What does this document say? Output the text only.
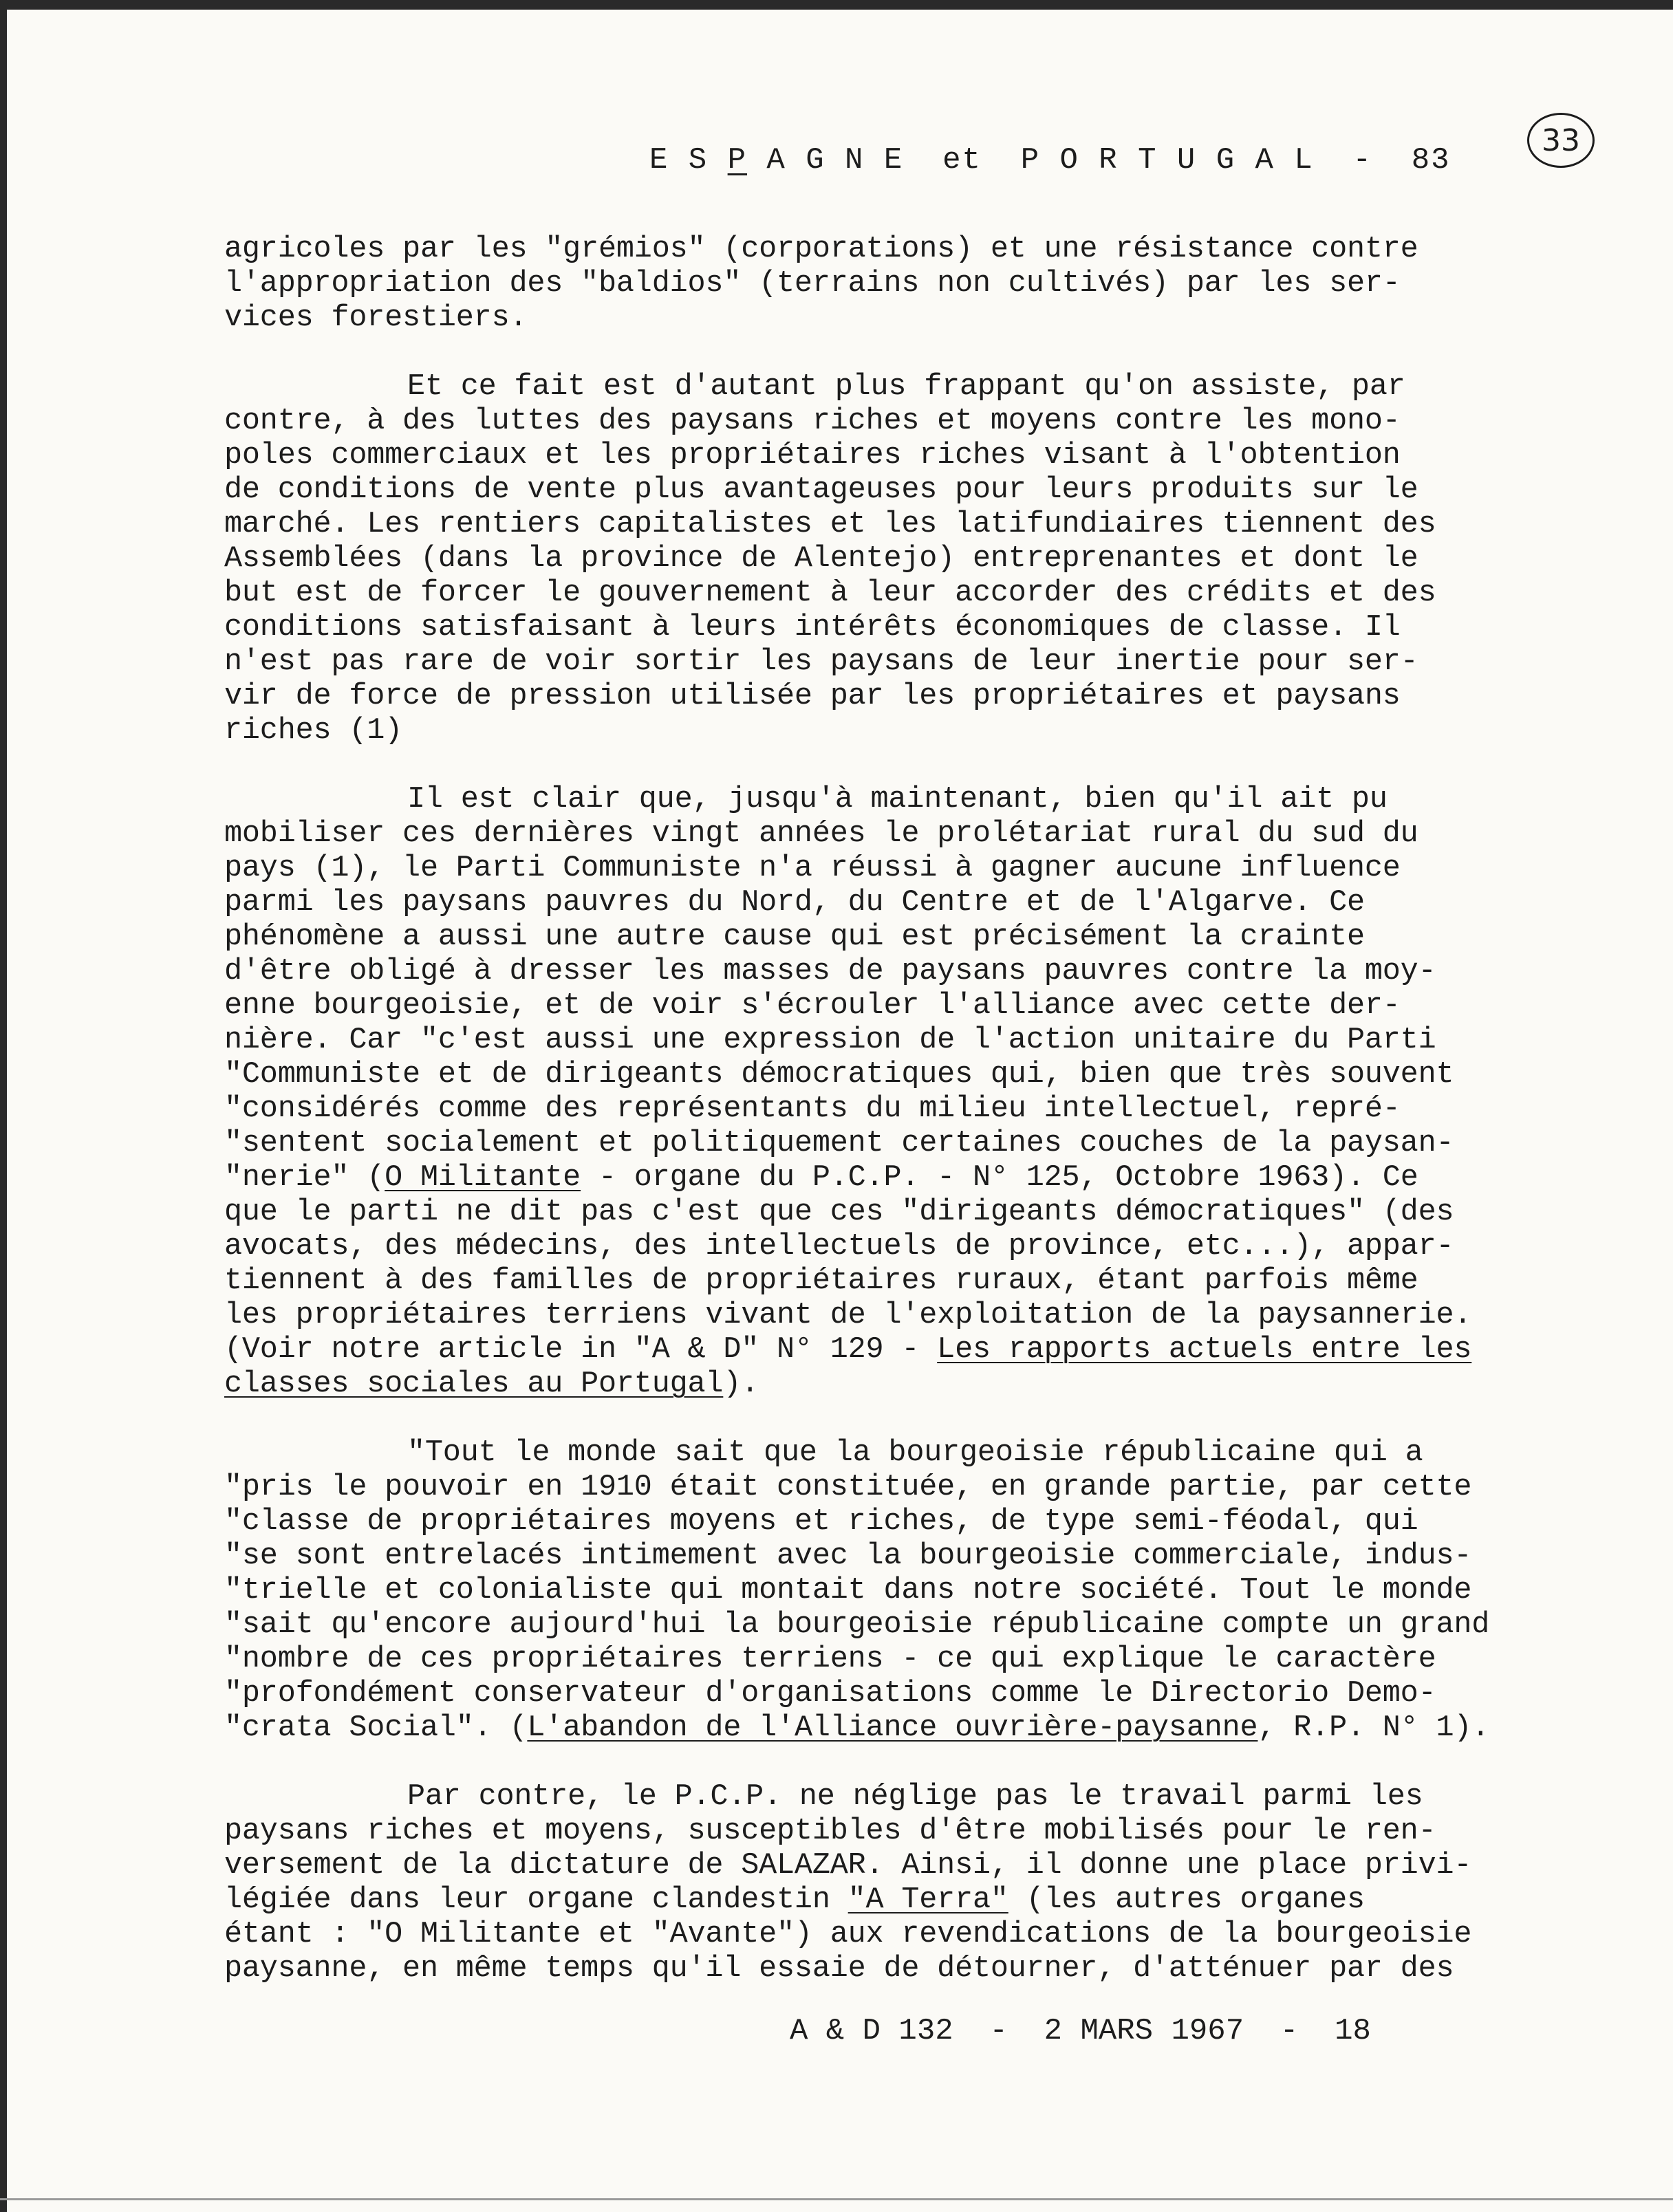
E S P A G N E  et  P O R T U G A L  -  83
33
agricoles par les "grémios" (corporations) et une résistance contre
l'appropriation des "baldios" (terrains non cultivés) par les ser-
vices forestiers.
Et ce fait est d'autant plus frappant qu'on assiste, par
contre, à des luttes des paysans riches et moyens contre les mono-
poles commerciaux et les propriétaires riches visant à l'obtention
de conditions de vente plus avantageuses pour leurs produits sur le
marché. Les rentiers capitalistes et les latifundiaires tiennent des
Assemblées (dans la province de Alentejo) entreprenantes et dont le
but est de forcer le gouvernement à leur accorder des crédits et des
conditions satisfaisant à leurs intérêts économiques de classe. Il
n'est pas rare de voir sortir les paysans de leur inertie pour ser-
vir de force de pression utilisée par les propriétaires et paysans
riches (1)
Il est clair que, jusqu'à maintenant, bien qu'il ait pu
mobiliser ces dernières vingt années le prolétariat rural du sud du
pays (1), le Parti Communiste n'a réussi à gagner aucune influence
parmi les paysans pauvres du Nord, du Centre et de l'Algarve. Ce
phénomène a aussi une autre cause qui est précisément la crainte
d'être obligé à dresser les masses de paysans pauvres contre la moy-
enne bourgeoisie, et de voir s'écrouler l'alliance avec cette der-
nière. Car "c'est aussi une expression de l'action unitaire du Parti
"Communiste et de dirigeants démocratiques qui, bien que très souvent
"considérés comme des représentants du milieu intellectuel, repré-
"sentent socialement et politiquement certaines couches de la paysan-
"nerie" (O Militante - organe du P.C.P. - N° 125, Octobre 1963). Ce
que le parti ne dit pas c'est que ces "dirigeants démocratiques" (des
avocats, des médecins, des intellectuels de province, etc...), appar-
tiennent à des familles de propriétaires ruraux, étant parfois même
les propriétaires terriens vivant de l'exploitation de la paysannerie.
(Voir notre article in "A & D" N° 129 - Les rapports actuels entre les
classes sociales au Portugal).
"Tout le monde sait que la bourgeoisie républicaine qui a
"pris le pouvoir en 1910 était constituée, en grande partie, par cette
"classe de propriétaires moyens et riches, de type semi-féodal, qui
"se sont entrelacés intimement avec la bourgeoisie commerciale, indus-
"trielle et colonialiste qui montait dans notre société. Tout le monde
"sait qu'encore aujourd'hui la bourgeoisie républicaine compte un grand
"nombre de ces propriétaires terriens - ce qui explique le caractère
"profondément conservateur d'organisations comme le Directorio Demo-
"crata Social". (L'abandon de l'Alliance ouvrière-paysanne, R.P. N° 1).
Par contre, le P.C.P. ne néglige pas le travail parmi les
paysans riches et moyens, susceptibles d'être mobilisés pour le ren-
versement de la dictature de SALAZAR. Ainsi, il donne une place privi-
légiée dans leur organe clandestin "A Terra" (les autres organes
étant : "O Militante et "Avante") aux revendications de la bourgeoisie
paysanne, en même temps qu'il essaie de détourner, d'atténuer par des
A & D 132  -  2 MARS 1967  -  18
